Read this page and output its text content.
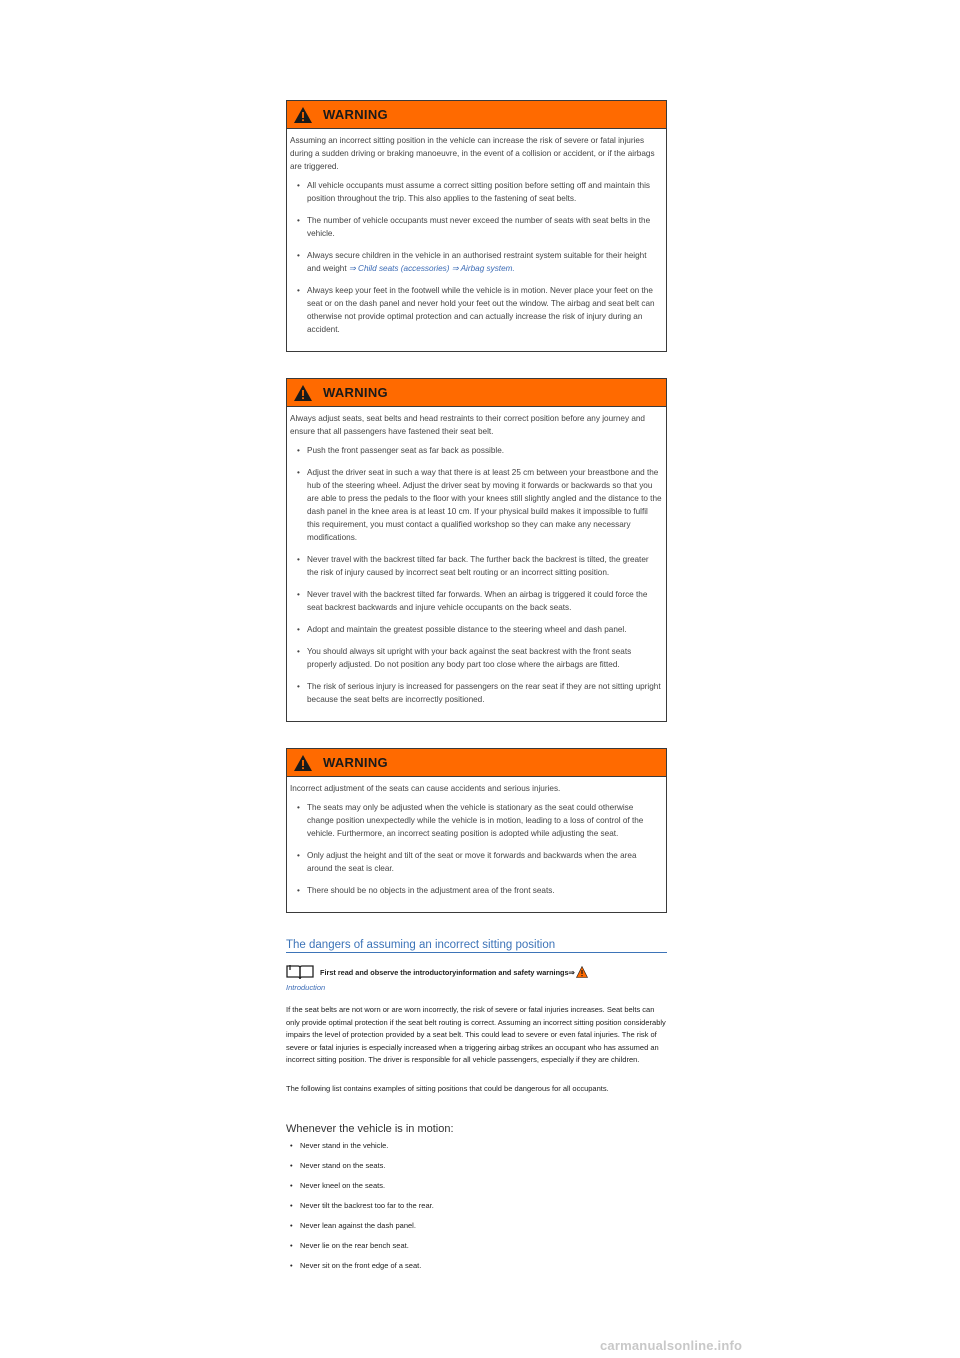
WARNING

Assuming an incorrect sitting position in the vehicle can increase the risk of severe or fatal injuries during a sudden driving or braking manoeuvre, in the event of a collision or accident, or if the airbags are triggered.

• All vehicle occupants must assume a correct sitting position before setting off and maintain this position throughout the trip. This also applies to the fastening of seat belts.
• The number of vehicle occupants must never exceed the number of seats with seat belts in the vehicle.
• Always secure children in the vehicle in an authorised restraint system suitable for their height and weight ⇒ Child seats (accessories) ⇒ Airbag system.
• Always keep your feet in the footwell while the vehicle is in motion. Never place your feet on the seat or on the dash panel and never hold your feet out the window. The airbag and seat belt can otherwise not provide optimal protection and can actually increase the risk of injury during an accident.
WARNING

Always adjust seats, seat belts and head restraints to their correct position before any journey and ensure that all passengers have fastened their seat belt.

• Push the front passenger seat as far back as possible.
• Adjust the driver seat in such a way that there is at least 25 cm between your breastbone and the hub of the steering wheel. Adjust the driver seat by moving it forwards or backwards so that you are able to press the pedals to the floor with your knees still slightly angled and the distance to the dash panel in the knee area is at least 10 cm. If your physical build makes it impossible to fulfil this requirement, you must contact a qualified workshop so they can make any necessary modifications.
• Never travel with the backrest tilted far back. The further back the backrest is tilted, the greater the risk of injury caused by incorrect seat belt routing or an incorrect sitting position.
• Never travel with the backrest tilted far forwards. When an airbag is triggered it could force the seat backrest backwards and injure vehicle occupants on the back seats.
• Adopt and maintain the greatest possible distance to the steering wheel and dash panel.
• You should always sit upright with your back against the seat backrest with the front seats properly adjusted. Do not position any body part too close where the airbags are fitted.
• The risk of serious injury is increased for passengers on the rear seat if they are not sitting upright because the seat belts are incorrectly positioned.
WARNING

Incorrect adjustment of the seats can cause accidents and serious injuries.

• The seats may only be adjusted when the vehicle is stationary as the seat could otherwise change position unexpectedly while the vehicle is in motion, leading to a loss of control of the vehicle. Furthermore, an incorrect seating position is adopted while adjusting the seat.
• Only adjust the height and tilt of the seat or move it forwards and backwards when the area around the seat is clear.
• There should be no objects in the adjustment area of the front seats.
The dangers of assuming an incorrect sitting position
First read and observe the introductoryinformation and safety warnings⇒
Introduction

If the seat belts are not worn or are worn incorrectly, the risk of severe or fatal injuries increases. Seat belts can only provide optimal protection if the seat belt routing is correct. Assuming an incorrect sitting position considerably impairs the level of protection provided by a seat belt. This could lead to severe or even fatal injuries. The risk of severe or fatal injuries is especially increased when a triggering airbag strikes an occupant who has assumed an incorrect sitting position. The driver is responsible for all vehicle passengers, especially if they are children.

The following list contains examples of sitting positions that could be dangerous for all occupants.

Whenever the vehicle is in motion:
• Never stand in the vehicle.
• Never stand on the seats.
• Never kneel on the seats.
• Never tilt the backrest too far to the rear.
• Never lean against the dash panel.
• Never lie on the rear bench seat.
• Never sit on the front edge of a seat.
carmanualsonline.info
